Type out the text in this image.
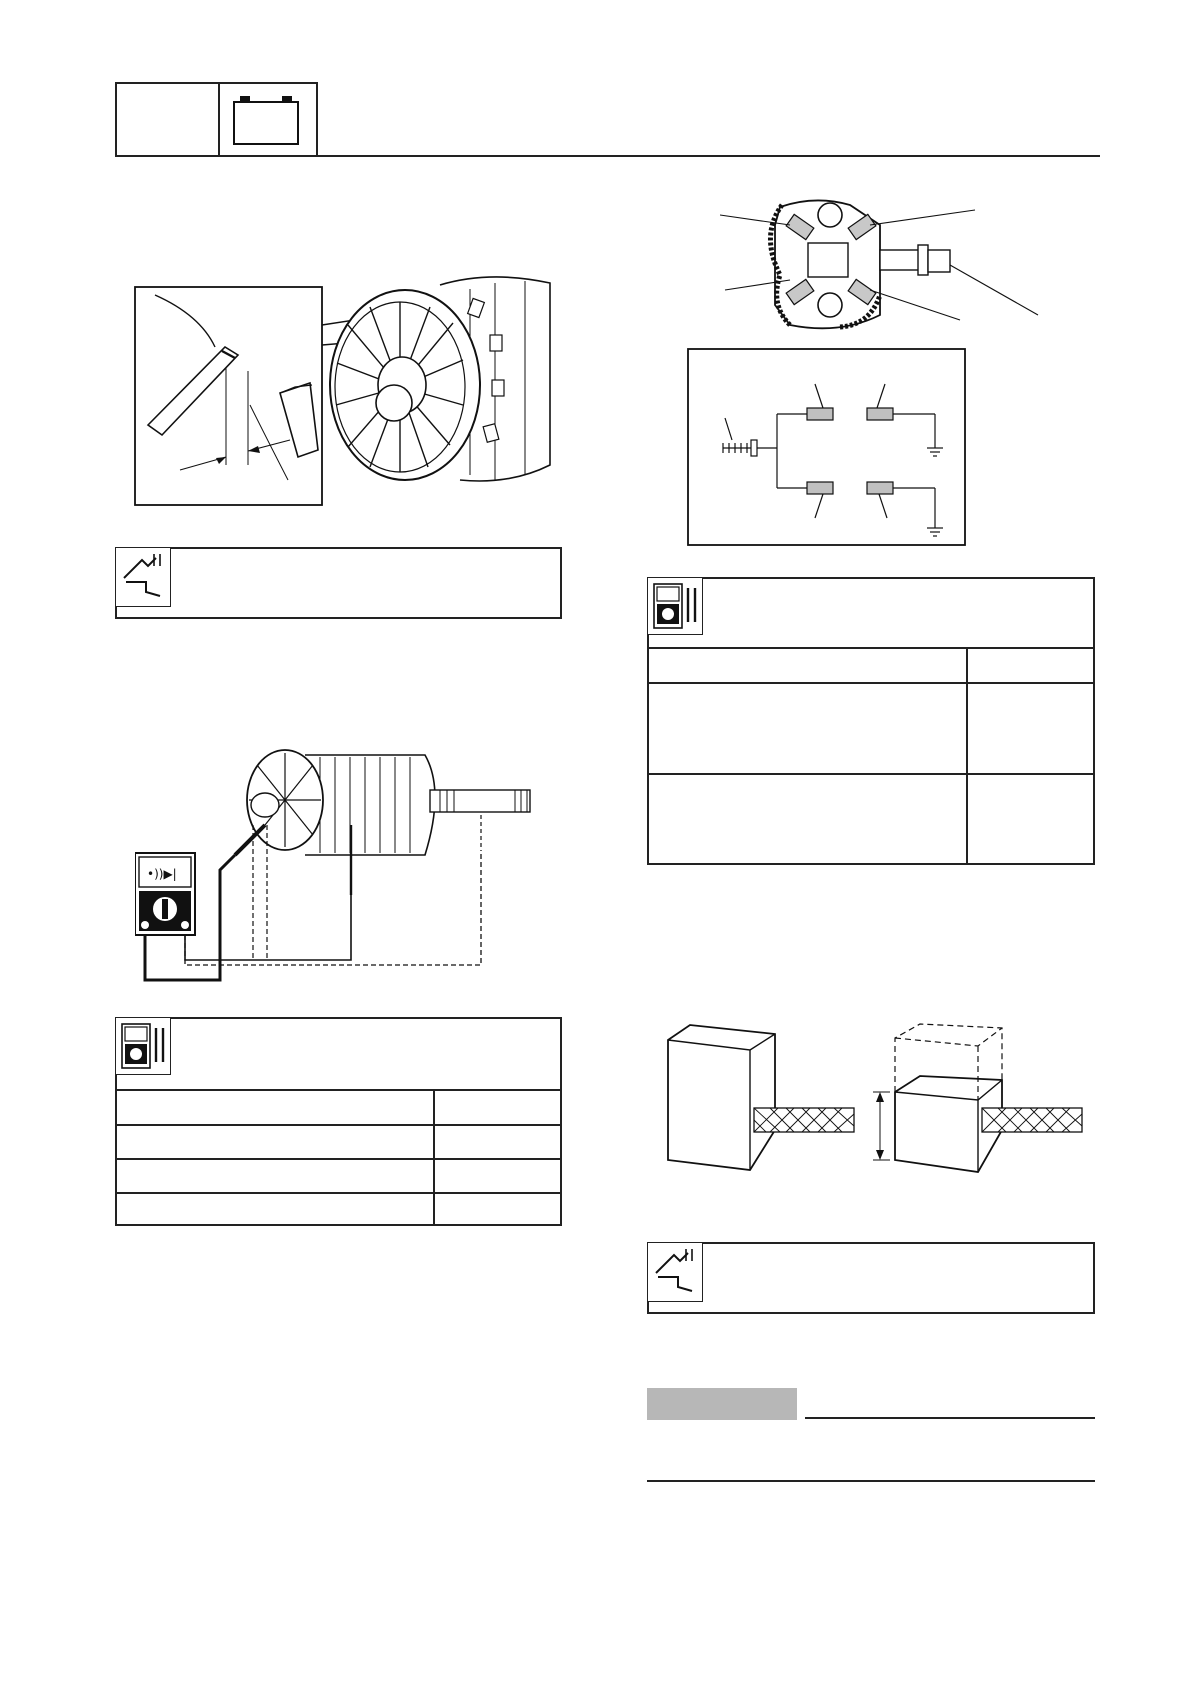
•))▶|
